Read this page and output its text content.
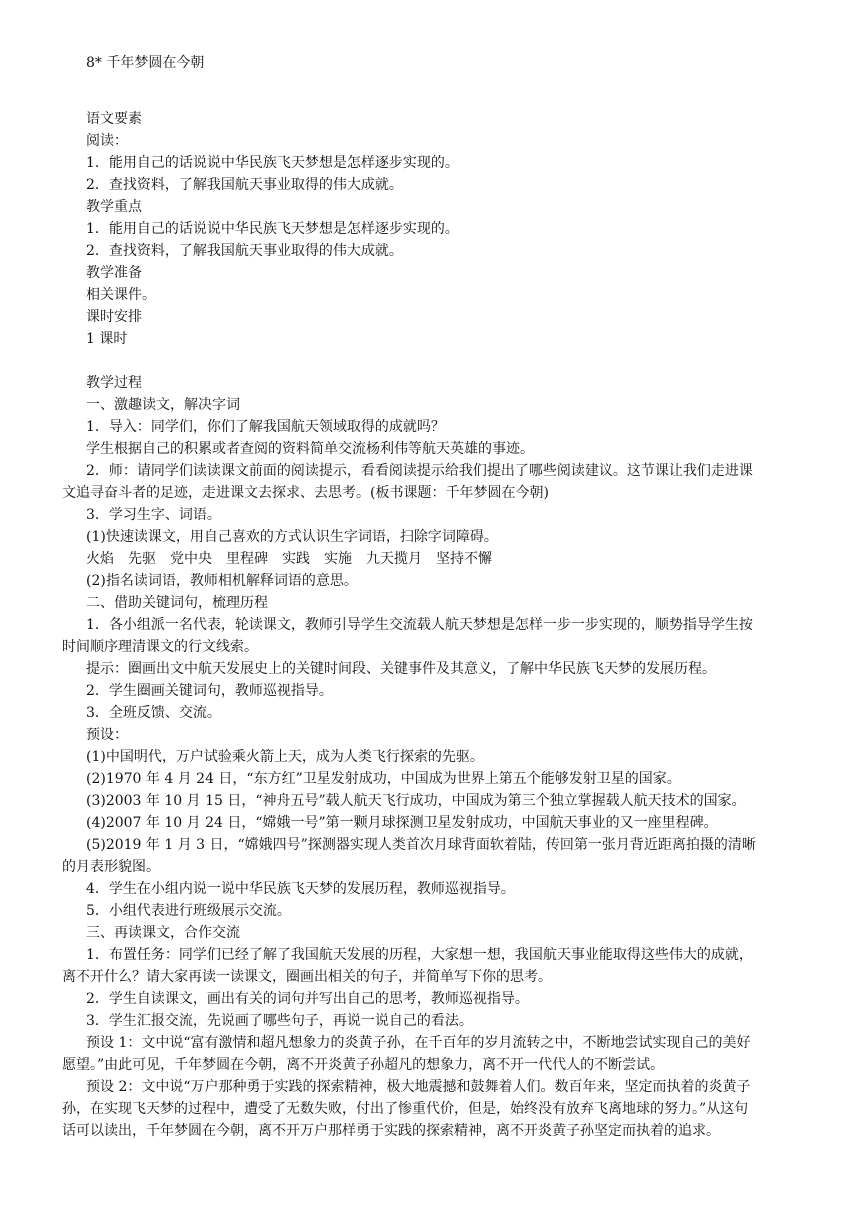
8* 千年梦圆在今朝
语文要素
阅读：
1．能用自己的话说说中华民族飞天梦想是怎样逐步实现的。
2．查找资料，了解我国航天事业取得的伟大成就。
教学重点
1．能用自己的话说说中华民族飞天梦想是怎样逐步实现的。
2．查找资料，了解我国航天事业取得的伟大成就。
教学准备
相关课件。
课时安排
1 课时
教学过程
一、激趣读文，解决字词
1．导入：同学们，你们了解我国航天领域取得的成就吗？
学生根据自己的积累或者查阅的资料简单交流杨利伟等航天英雄的事迹。
2．师：请同学们读读课文前面的阅读提示，看看阅读提示给我们提出了哪些阅读建议。这节课让我们走进课
文追寻奋斗者的足迹，走进课文去探求、去思考。(板书课题：千年梦圆在今朝)
3．学习生字、词语。
(1)快速读课文，用自己喜欢的方式认识生字词语，扫除字词障碍。
火焰　先驱　党中央　里程碑　实践　实施　九天揽月　坚持不懈
(2)指名读词语，教师相机解释词语的意思。
二、借助关键词句，梳理历程
1．各小组派一名代表，轮读课文，教师引导学生交流载人航天梦想是怎样一步一步实现的，顺势指导学生按
时间顺序理清课文的行文线索。
提示：圈画出文中航天发展史上的关键时间段、关键事件及其意义，了解中华民族飞天梦的发展历程。
2．学生圈画关键词句，教师巡视指导。
3．全班反馈、交流。
预设：
(1)中国明代，万户试验乘火箭上天，成为人类飞行探索的先驱。
(2)1970 年 4 月 24 日，“东方红”卫星发射成功，中国成为世界上第五个能够发射卫星的国家。
(3)2003 年 10 月 15 日，“神舟五号”载人航天飞行成功，中国成为第三个独立掌握载人航天技术的国家。
(4)2007 年 10 月 24 日，“嫦娥一号”第一颗月球探测卫星发射成功，中国航天事业的又一座里程碑。
(5)2019 年 1 月 3 日，“嫦娥四号”探测器实现人类首次月球背面软着陆，传回第一张月背近距离拍摄的清晰
的月表形貌图。
4．学生在小组内说一说中华民族飞天梦的发展历程，教师巡视指导。
5．小组代表进行班级展示交流。
三、再读课文，合作交流
1．布置任务：同学们已经了解了我国航天发展的历程，大家想一想，我国航天事业能取得这些伟大的成就，
离不开什么？请大家再读一读课文，圈画出相关的句子，并简单写下你的思考。
2．学生自读课文，画出有关的词句并写出自己的思考，教师巡视指导。
3．学生汇报交流，先说画了哪些句子，再说一说自己的看法。
预设 1：文中说“富有激情和超凡想象力的炎黄子孙，在千百年的岁月流转之中，不断地尝试实现自己的美好
愿望。”由此可见，千年梦圆在今朝，离不开炎黄子孙超凡的想象力，离不开一代代人的不断尝试。
预设 2：文中说“万户那种勇于实践的探索精神，极大地震撼和鼓舞着人们。数百年来，坚定而执着的炎黄子
孙，在实现飞天梦的过程中，遭受了无数失败，付出了惨重代价，但是，始终没有放弃飞离地球的努力。”从这句
话可以读出，千年梦圆在今朝，离不开万户那样勇于实践的探索精神，离不开炎黄子孙坚定而执着的追求。
